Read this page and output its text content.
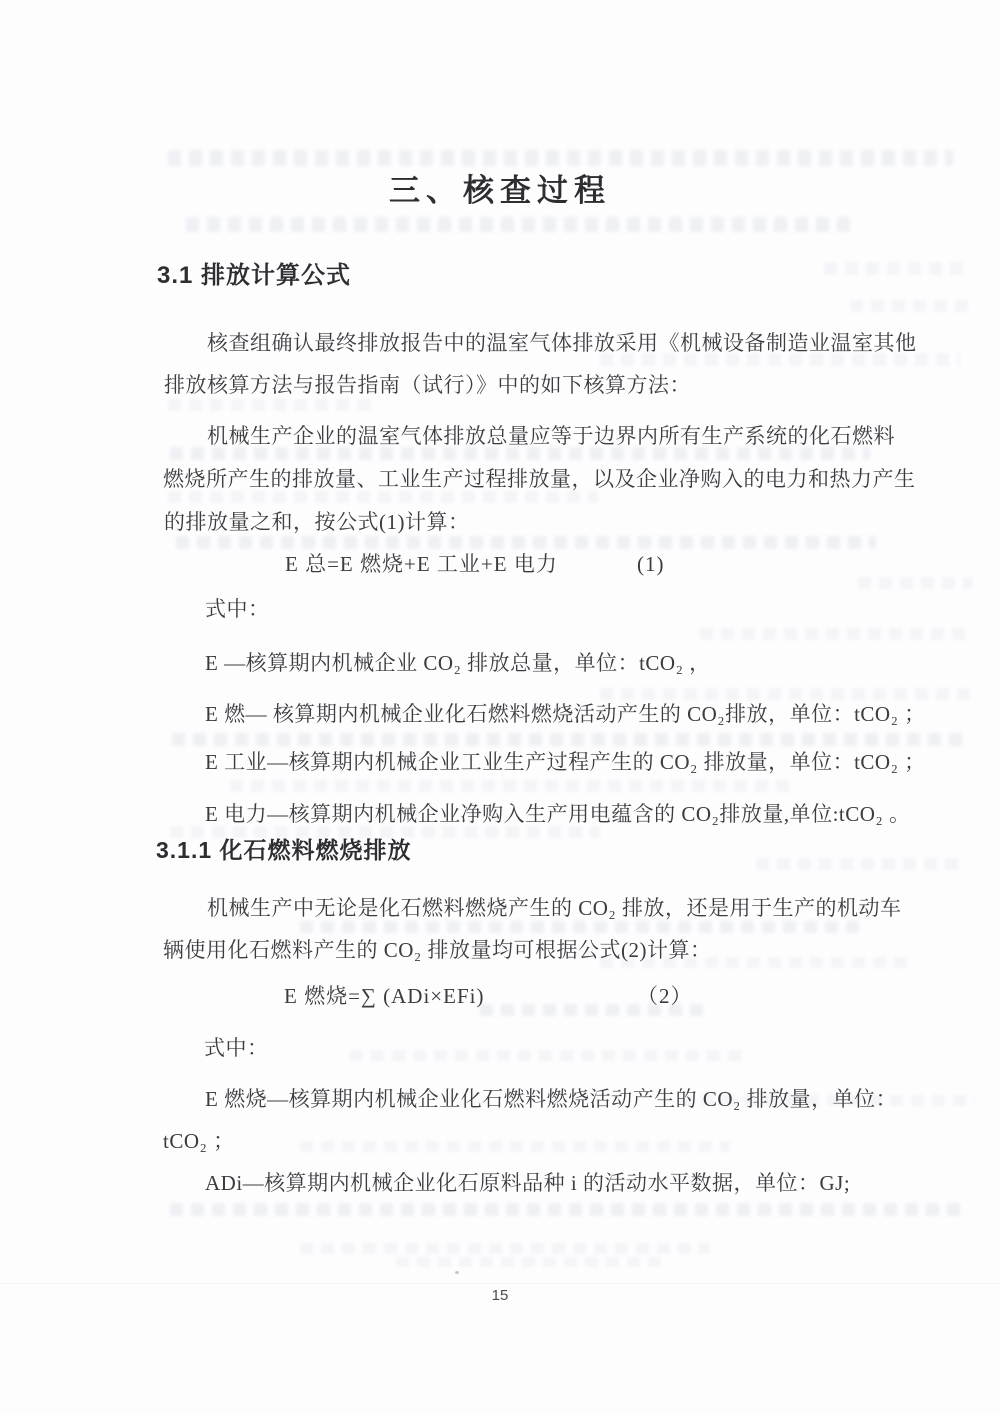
三、核查过程
3.1 排放计算公式
核查组确认最终排放报告中的温室气体排放采用《机械设备制造业温室其他
排放核算方法与报告指南（试行）》中的如下核算方法：
机械生产企业的温室气体排放总量应等于边界内所有生产系统的化石燃料
燃烧所产生的排放量、工业生产过程排放量，以及企业净购入的电力和热力产生
的排放量之和，按公式(1)计算：
E 总=E 燃烧+E 工业+E 电力	(1)
式中：
E —核算期内机械企业 CO₂ 排放总量，单位：tCO₂ ，
E 燃— 核算期内机械企业化石燃料燃烧活动产生的 CO₂排放，单位：tCO₂ ；
E 工业—核算期内机械企业工业生产过程产生的 CO₂ 排放量，单位：tCO₂ ；
E 电力—核算期内机械企业净购入生产用电蕴含的 CO₂排放量,单位:tCO₂ 。
3.1.1 化石燃料燃烧排放
机械生产中无论是化石燃料燃烧产生的 CO₂ 排放，还是用于生产的机动车
辆使用化石燃料产生的 CO₂ 排放量均可根据公式(2)计算：
E 燃烧=∑ (ADi×EFi)	（2）
式中：
E 燃烧—核算期内机械企业化石燃料燃烧活动产生的 CO₂ 排放量，单位：
tCO₂ ；
ADi—核算期内机械企业化石原料品种 i 的活动水平数据，单位：GJ;
15
